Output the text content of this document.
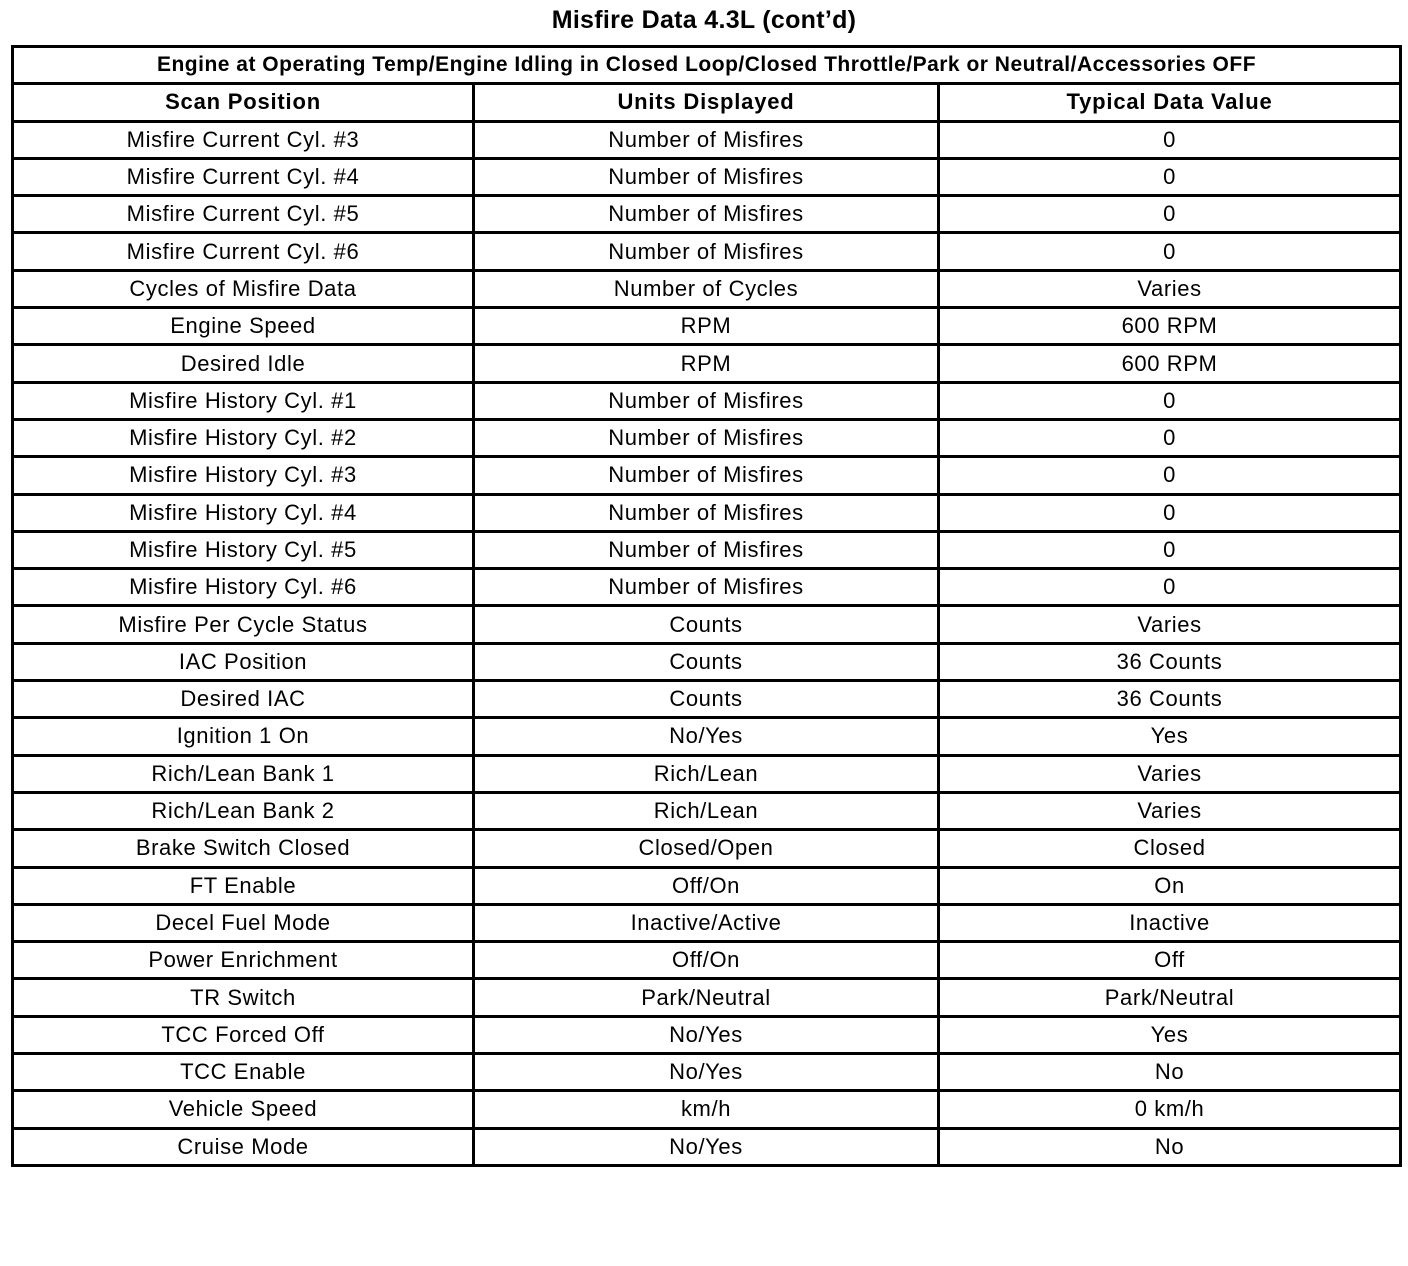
Misfire Data 4.3L (cont’d)
Engine at Operating Temp/Engine Idling in Closed Loop/Closed Throttle/Park or Neutral/Accessories OFF		
Scan Position	Units Displayed	Typical Data Value
Misfire Current Cyl. #3	Number of Misfires	0
Misfire Current Cyl. #4	Number of Misfires	0
Misfire Current Cyl. #5	Number of Misfires	0
Misfire Current Cyl. #6	Number of Misfires	0
Cycles of Misfire Data	Number of Cycles	Varies
Engine Speed	RPM	600 RPM
Desired Idle	RPM	600 RPM
Misfire History Cyl. #1	Number of Misfires	0
Misfire History Cyl. #2	Number of Misfires	0
Misfire History Cyl. #3	Number of Misfires	0
Misfire History Cyl. #4	Number of Misfires	0
Misfire History Cyl. #5	Number of Misfires	0
Misfire History Cyl. #6	Number of Misfires	0
Misfire Per Cycle Status	Counts	Varies
IAC Position	Counts	36 Counts
Desired IAC	Counts	36 Counts
Ignition 1 On	No/Yes	Yes
Rich/Lean Bank 1	Rich/Lean	Varies
Rich/Lean Bank 2	Rich/Lean	Varies
Brake Switch Closed	Closed/Open	Closed
FT Enable	Off/On	On
Decel Fuel Mode	Inactive/Active	Inactive
Power Enrichment	Off/On	Off
TR Switch	Park/Neutral	Park/Neutral
TCC Forced Off	No/Yes	Yes
TCC Enable	No/Yes	No
Vehicle Speed	km/h	0 km/h
Cruise Mode	No/Yes	No
